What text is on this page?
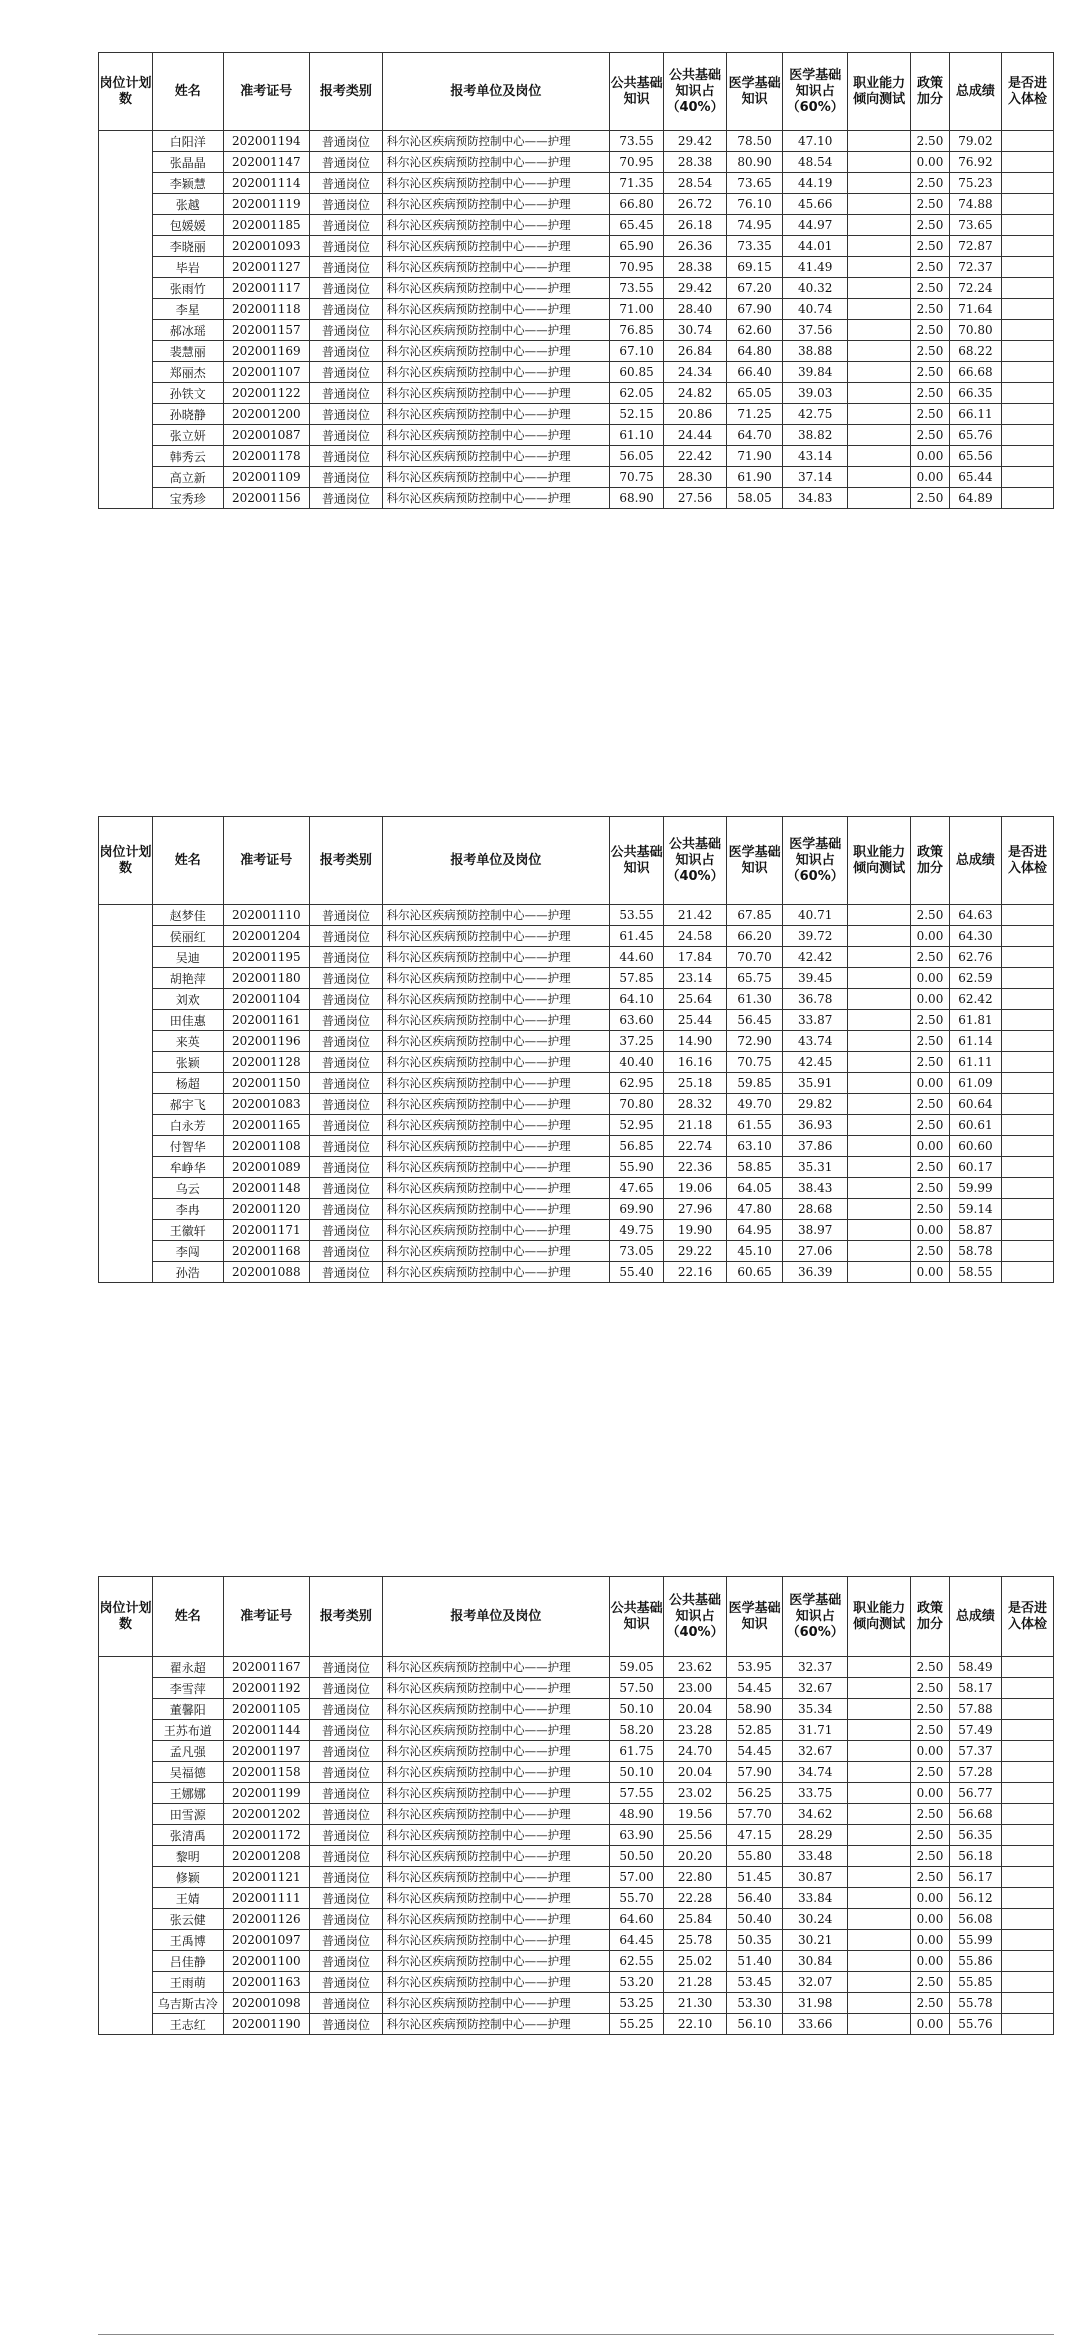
岗位计划数	姓名	准考证号	报考类别	报考单位及岗位	公共基础知识	公共基础知识占（40%）	医学基础知识	医学基础知识占（60%）	职业能力倾向测试	政策加分	总成绩	是否进入体检
	白阳洋	202001194	普通岗位	科尔沁区疾病预防控制中心——护理	73.55	29.42	78.50	47.10		2.50	79.02	
	张晶晶	202001147	普通岗位	科尔沁区疾病预防控制中心——护理	70.95	28.38	80.90	48.54		0.00	76.92	
	李颖慧	202001114	普通岗位	科尔沁区疾病预防控制中心——护理	71.35	28.54	73.65	44.19		2.50	75.23	
	张越	202001119	普通岗位	科尔沁区疾病预防控制中心——护理	66.80	26.72	76.10	45.66		2.50	74.88	
	包媛媛	202001185	普通岗位	科尔沁区疾病预防控制中心——护理	65.45	26.18	74.95	44.97		2.50	73.65	
	李晓丽	202001093	普通岗位	科尔沁区疾病预防控制中心——护理	65.90	26.36	73.35	44.01		2.50	72.87	
	毕岩	202001127	普通岗位	科尔沁区疾病预防控制中心——护理	70.95	28.38	69.15	41.49		2.50	72.37	
	张雨竹	202001117	普通岗位	科尔沁区疾病预防控制中心——护理	73.55	29.42	67.20	40.32		2.50	72.24	
	李星	202001118	普通岗位	科尔沁区疾病预防控制中心——护理	71.00	28.40	67.90	40.74		2.50	71.64	
	郝冰瑶	202001157	普通岗位	科尔沁区疾病预防控制中心——护理	76.85	30.74	62.60	37.56		2.50	70.80	
	裴慧丽	202001169	普通岗位	科尔沁区疾病预防控制中心——护理	67.10	26.84	64.80	38.88		2.50	68.22	
	郑丽杰	202001107	普通岗位	科尔沁区疾病预防控制中心——护理	60.85	24.34	66.40	39.84		2.50	66.68	
	孙铁文	202001122	普通岗位	科尔沁区疾病预防控制中心——护理	62.05	24.82	65.05	39.03		2.50	66.35	
	孙晓静	202001200	普通岗位	科尔沁区疾病预防控制中心——护理	52.15	20.86	71.25	42.75		2.50	66.11	
	张立妍	202001087	普通岗位	科尔沁区疾病预防控制中心——护理	61.10	24.44	64.70	38.82		2.50	65.76	
	韩秀云	202001178	普通岗位	科尔沁区疾病预防控制中心——护理	56.05	22.42	71.90	43.14		0.00	65.56	
	高立新	202001109	普通岗位	科尔沁区疾病预防控制中心——护理	70.75	28.30	61.90	37.14		0.00	65.44	
	宝秀珍	202001156	普通岗位	科尔沁区疾病预防控制中心——护理	68.90	27.56	58.05	34.83		2.50	64.89	
岗位计划数	姓名	准考证号	报考类别	报考单位及岗位	公共基础知识	公共基础知识占（40%）	医学基础知识	医学基础知识占（60%）	职业能力倾向测试	政策加分	总成绩	是否进入体检
	赵梦佳	202001110	普通岗位	科尔沁区疾病预防控制中心——护理	53.55	21.42	67.85	40.71		2.50	64.63	
	侯丽红	202001204	普通岗位	科尔沁区疾病预防控制中心——护理	61.45	24.58	66.20	39.72		0.00	64.30	
	吴迪	202001195	普通岗位	科尔沁区疾病预防控制中心——护理	44.60	17.84	70.70	42.42		2.50	62.76	
	胡艳萍	202001180	普通岗位	科尔沁区疾病预防控制中心——护理	57.85	23.14	65.75	39.45		0.00	62.59	
	刘欢	202001104	普通岗位	科尔沁区疾病预防控制中心——护理	64.10	25.64	61.30	36.78		0.00	62.42	
	田佳惠	202001161	普通岗位	科尔沁区疾病预防控制中心——护理	63.60	25.44	56.45	33.87		2.50	61.81	
	来英	202001196	普通岗位	科尔沁区疾病预防控制中心——护理	37.25	14.90	72.90	43.74		2.50	61.14	
	张颖	202001128	普通岗位	科尔沁区疾病预防控制中心——护理	40.40	16.16	70.75	42.45		2.50	61.11	
	杨超	202001150	普通岗位	科尔沁区疾病预防控制中心——护理	62.95	25.18	59.85	35.91		0.00	61.09	
	郝宇飞	202001083	普通岗位	科尔沁区疾病预防控制中心——护理	70.80	28.32	49.70	29.82		2.50	60.64	
	白永芳	202001165	普通岗位	科尔沁区疾病预防控制中心——护理	52.95	21.18	61.55	36.93		2.50	60.61	
	付智华	202001108	普通岗位	科尔沁区疾病预防控制中心——护理	56.85	22.74	63.10	37.86		0.00	60.60	
	牟峥华	202001089	普通岗位	科尔沁区疾病预防控制中心——护理	55.90	22.36	58.85	35.31		2.50	60.17	
	乌云	202001148	普通岗位	科尔沁区疾病预防控制中心——护理	47.65	19.06	64.05	38.43		2.50	59.99	
	李冉	202001120	普通岗位	科尔沁区疾病预防控制中心——护理	69.90	27.96	47.80	28.68		2.50	59.14	
	王徽轩	202001171	普通岗位	科尔沁区疾病预防控制中心——护理	49.75	19.90	64.95	38.97		0.00	58.87	
	李闯	202001168	普通岗位	科尔沁区疾病预防控制中心——护理	73.05	29.22	45.10	27.06		2.50	58.78	
	孙浩	202001088	普通岗位	科尔沁区疾病预防控制中心——护理	55.40	22.16	60.65	36.39		0.00	58.55	
岗位计划数	姓名	准考证号	报考类别	报考单位及岗位	公共基础知识	公共基础知识占（40%）	医学基础知识	医学基础知识占（60%）	职业能力倾向测试	政策加分	总成绩	是否进入体检
	翟永超	202001167	普通岗位	科尔沁区疾病预防控制中心——护理	59.05	23.62	53.95	32.37		2.50	58.49	
	李雪萍	202001192	普通岗位	科尔沁区疾病预防控制中心——护理	57.50	23.00	54.45	32.67		2.50	58.17	
	董馨阳	202001105	普通岗位	科尔沁区疾病预防控制中心——护理	50.10	20.04	58.90	35.34		2.50	57.88	
	王苏布道	202001144	普通岗位	科尔沁区疾病预防控制中心——护理	58.20	23.28	52.85	31.71		2.50	57.49	
	孟凡强	202001197	普通岗位	科尔沁区疾病预防控制中心——护理	61.75	24.70	54.45	32.67		0.00	57.37	
	吴福德	202001158	普通岗位	科尔沁区疾病预防控制中心——护理	50.10	20.04	57.90	34.74		2.50	57.28	
	王娜娜	202001199	普通岗位	科尔沁区疾病预防控制中心——护理	57.55	23.02	56.25	33.75		0.00	56.77	
	田雪源	202001202	普通岗位	科尔沁区疾病预防控制中心——护理	48.90	19.56	57.70	34.62		2.50	56.68	
	张清禹	202001172	普通岗位	科尔沁区疾病预防控制中心——护理	63.90	25.56	47.15	28.29		2.50	56.35	
	黎明	202001208	普通岗位	科尔沁区疾病预防控制中心——护理	50.50	20.20	55.80	33.48		2.50	56.18	
	修颖	202001121	普通岗位	科尔沁区疾病预防控制中心——护理	57.00	22.80	51.45	30.87		2.50	56.17	
	王婧	202001111	普通岗位	科尔沁区疾病预防控制中心——护理	55.70	22.28	56.40	33.84		0.00	56.12	
	张云健	202001126	普通岗位	科尔沁区疾病预防控制中心——护理	64.60	25.84	50.40	30.24		0.00	56.08	
	王禹博	202001097	普通岗位	科尔沁区疾病预防控制中心——护理	64.45	25.78	50.35	30.21		0.00	55.99	
	吕佳静	202001100	普通岗位	科尔沁区疾病预防控制中心——护理	62.55	25.02	51.40	30.84		0.00	55.86	
	王雨萌	202001163	普通岗位	科尔沁区疾病预防控制中心——护理	53.20	21.28	53.45	32.07		2.50	55.85	
	乌吉斯古冷	202001098	普通岗位	科尔沁区疾病预防控制中心——护理	53.25	21.30	53.30	31.98		2.50	55.78	
	王志红	202001190	普通岗位	科尔沁区疾病预防控制中心——护理	55.25	22.10	56.10	33.66		0.00	55.76	
